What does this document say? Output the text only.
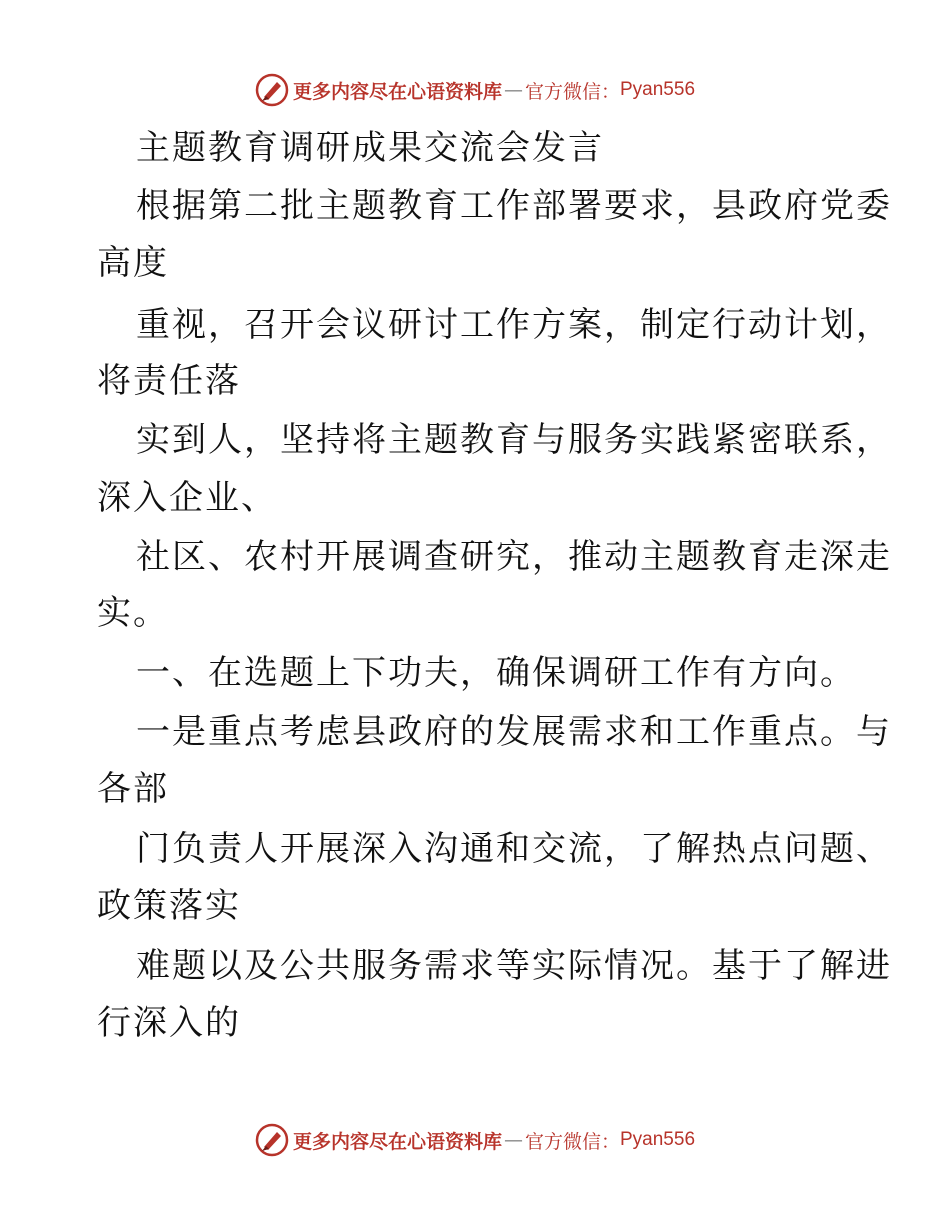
更多内容尽在心语资料库 — 官方微信： Pyan556
主题教育调研成果交流会发言
根据第二批主题教育工作部署要求，县政府党委
高度
重视，召开会议研讨工作方案，制定行动计划，
将责任落
实到人，坚持将主题教育与服务实践紧密联系，
深入企业、
社区、农村开展调查研究，推动主题教育走深走
实。
一、在选题上下功夫，确保调研工作有方向。
一是重点考虑县政府的发展需求和工作重点。与
各部
门负责人开展深入沟通和交流，了解热点问题、
政策落实
难题以及公共服务需求等实际情况。基于了解进
行深入的
更多内容尽在心语资料库 — 官方微信： Pyan556
